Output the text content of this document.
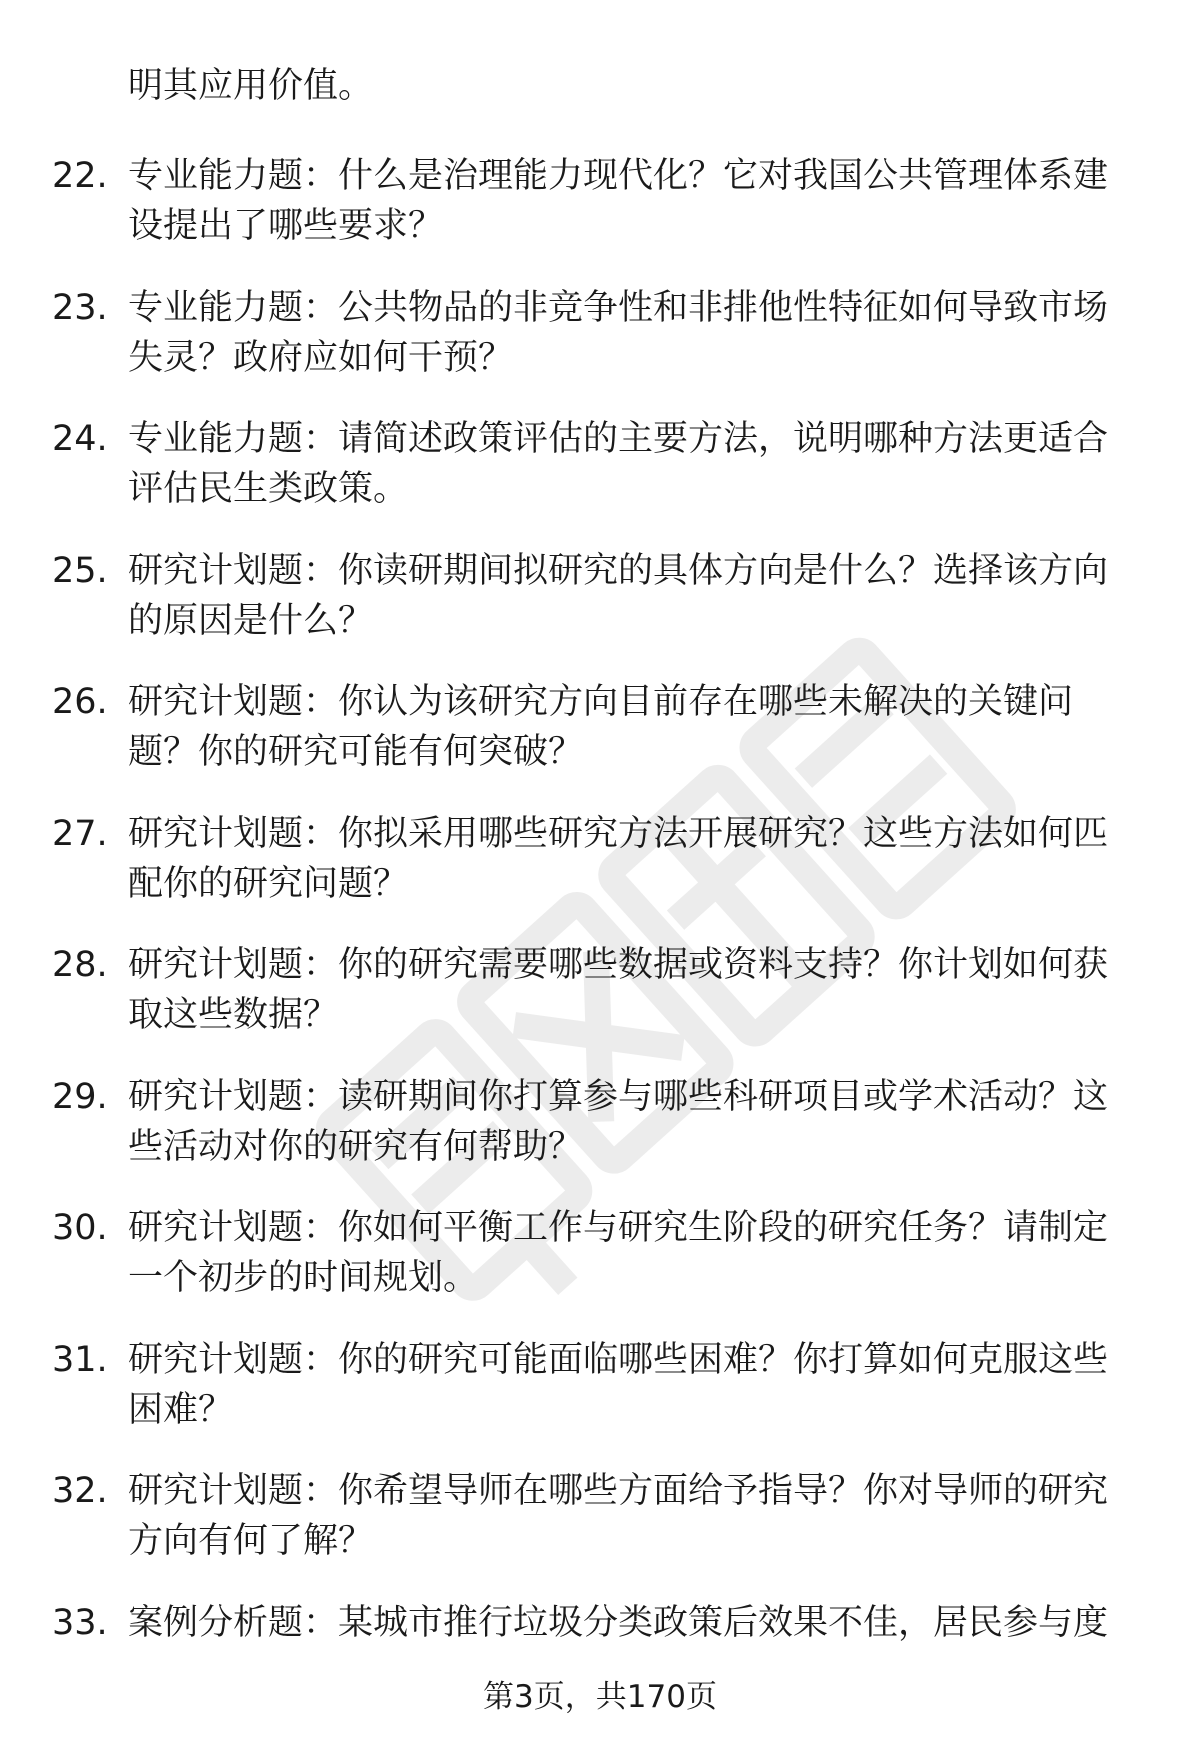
明其应用价值。
22. 专业能力题：什么是治理能力现代化？它对我国公共管理体系建
设提出了哪些要求？
23. 专业能力题：公共物品的非竞争性和非排他性特征如何导致市场
失灵？政府应如何干预？
24. 专业能力题：请简述政策评估的主要方法，说明哪种方法更适合
评估民生类政策。
25. 研究计划题：你读研期间拟研究的具体方向是什么？选择该方向
的原因是什么？
26. 研究计划题：你认为该研究方向目前存在哪些未解决的关键问
题？你的研究可能有何突破？
27. 研究计划题：你拟采用哪些研究方法开展研究？这些方法如何匹
配你的研究问题？
28. 研究计划题：你的研究需要哪些数据或资料支持？你计划如何获
取这些数据？
29. 研究计划题：读研期间你打算参与哪些科研项目或学术活动？这
些活动对你的研究有何帮助？
30. 研究计划题：你如何平衡工作与研究生阶段的研究任务？请制定
一个初步的时间规划。
31. 研究计划题：你的研究可能面临哪些困难？你打算如何克服这些
困难？
32. 研究计划题：你希望导师在哪些方面给予指导？你对导师的研究
方向有何了解？
33. 案例分析题：某城市推行垃圾分类政策后效果不佳，居民参与度
第3页，共170页
